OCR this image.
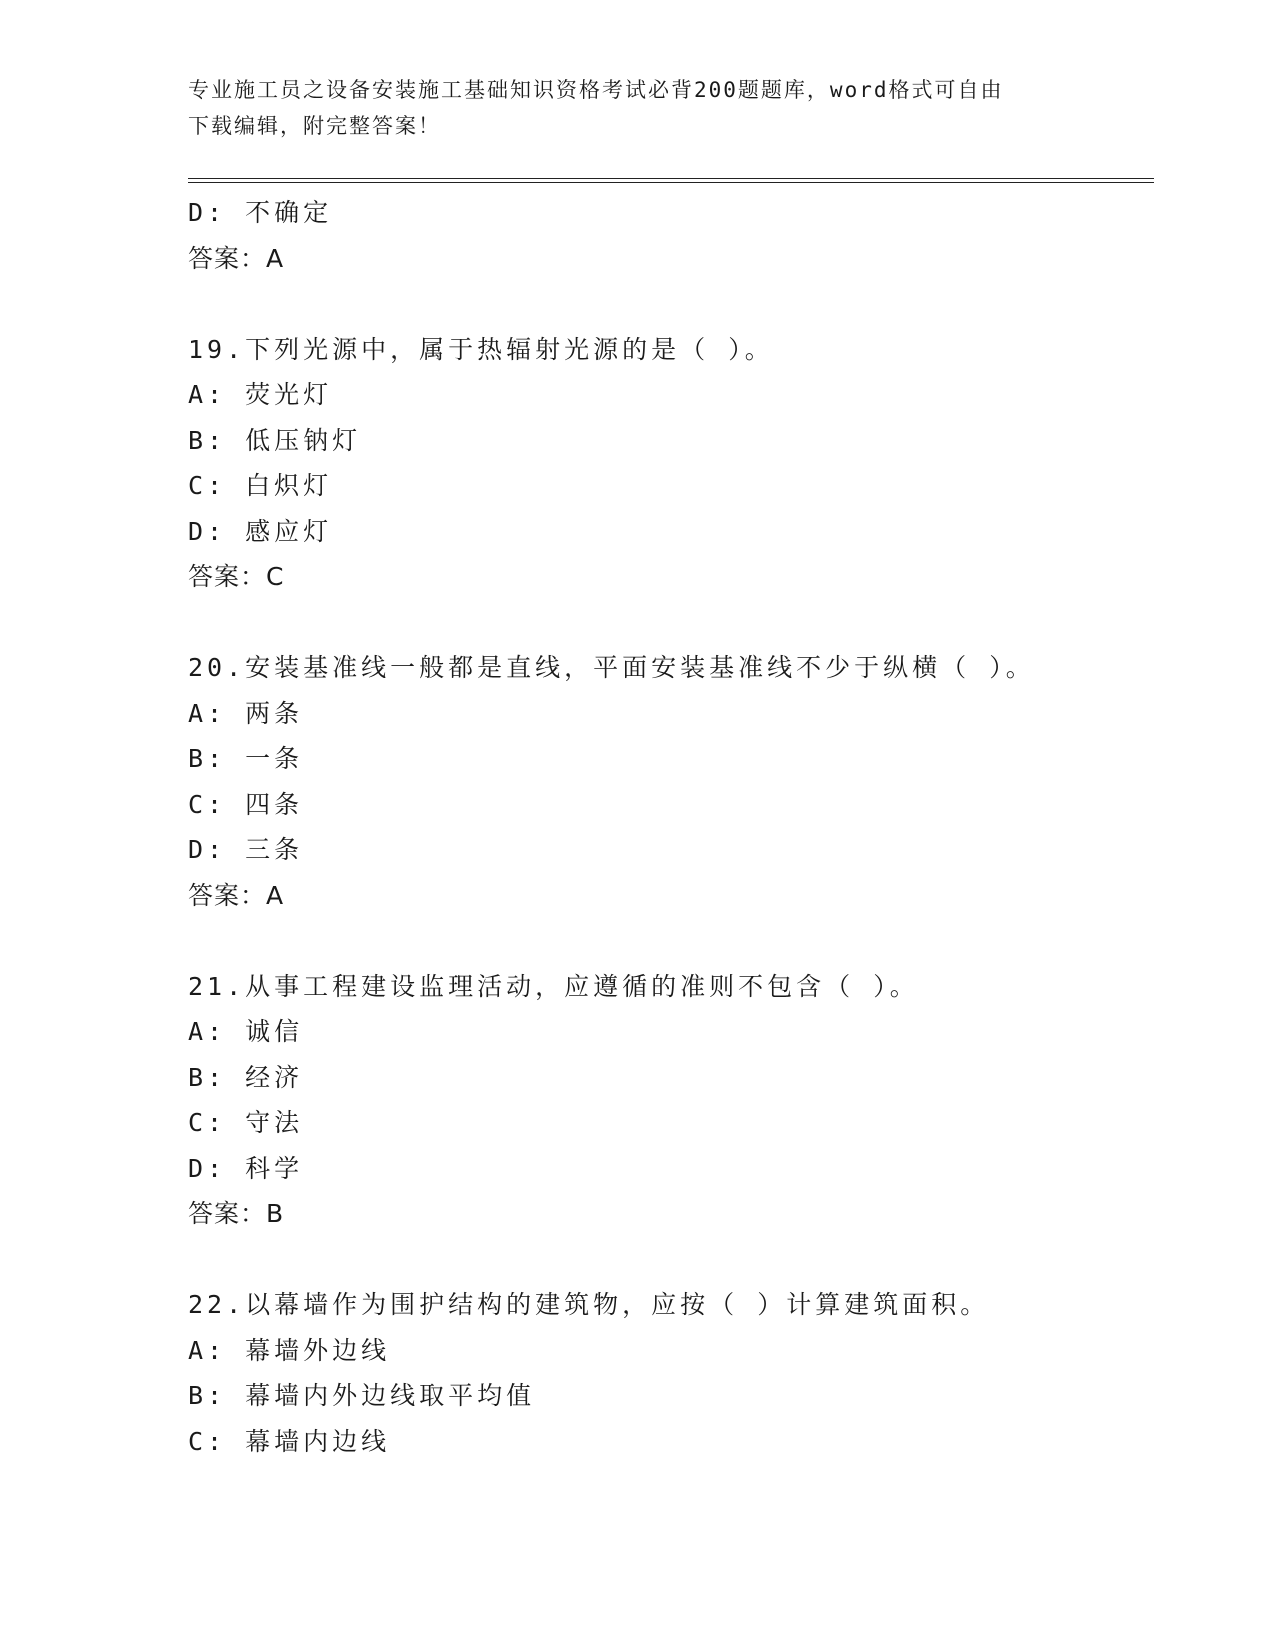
专业施工员之设备安装施工基础知识资格考试必背200题题库，word格式可自由
下载编辑，附完整答案！
D: 不确定
答案：A
19.下列光源中，属于热辐射光源的是（ ）。
A: 荧光灯
B: 低压钠灯
C: 白炽灯
D: 感应灯
答案：C
20.安装基准线一般都是直线，平面安装基准线不少于纵横（ ）。
A: 两条
B: 一条
C: 四条
D: 三条
答案：A
21.从事工程建设监理活动，应遵循的准则不包含（ ）。
A: 诚信
B: 经济
C: 守法
D: 科学
答案：B
22.以幕墙作为围护结构的建筑物，应按（ ）计算建筑面积。
A: 幕墙外边线
B: 幕墙内外边线取平均值
C: 幕墙内边线
